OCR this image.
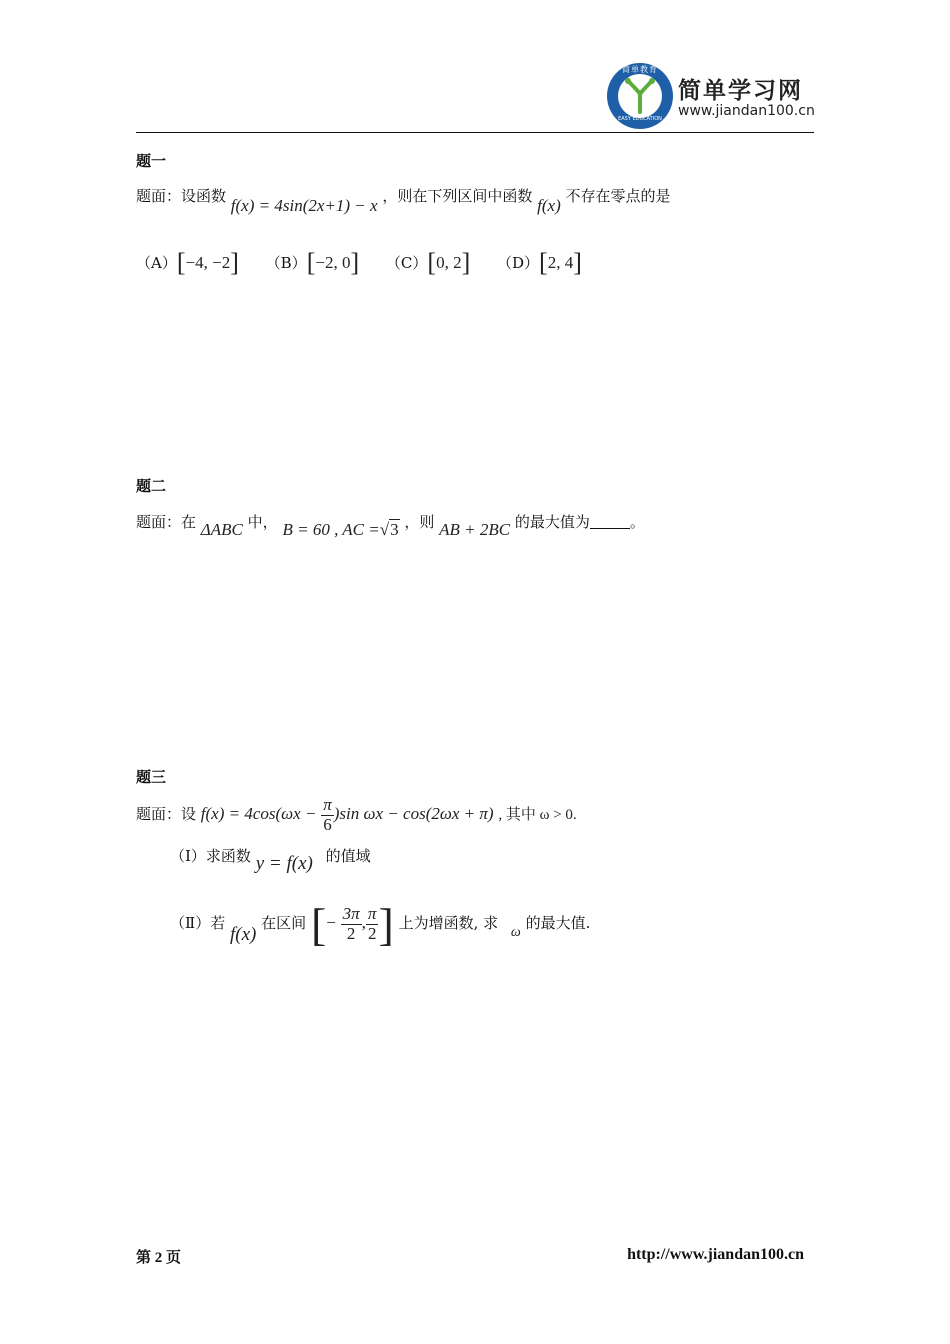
简单教育
EASY EDUCATION
简单学习网
www.jiandan100.cn
题一
题面：设函数 f(x) = 4sin(2x+1) − x ，则在下列区间中函数 f(x) 不存在零点的是
（A）[−4, −2] （B）[−2, 0] （C）[0, 2] （D）[2, 4]
题二
题面：在 ΔABC 中， B = 60 , AC =√3 ，则 AB + 2BC 的最大值为	。
题三
题面：设 $f(x) = 4\cos(\omega x - \frac{\pi}{6} )\sin$ ωx − cos(2ωx + π) , 其中 ω > 0.
（Ⅰ）求函数 y = f(x) 的值域
（Ⅱ）若 f(x) 在区间 [− $\frac{3\pi}{2}$ , $\frac{\pi}{2}$ ] 上为增函数, 求 ω 的最大值.
第 2 页	http://www.jiandan100.cn
